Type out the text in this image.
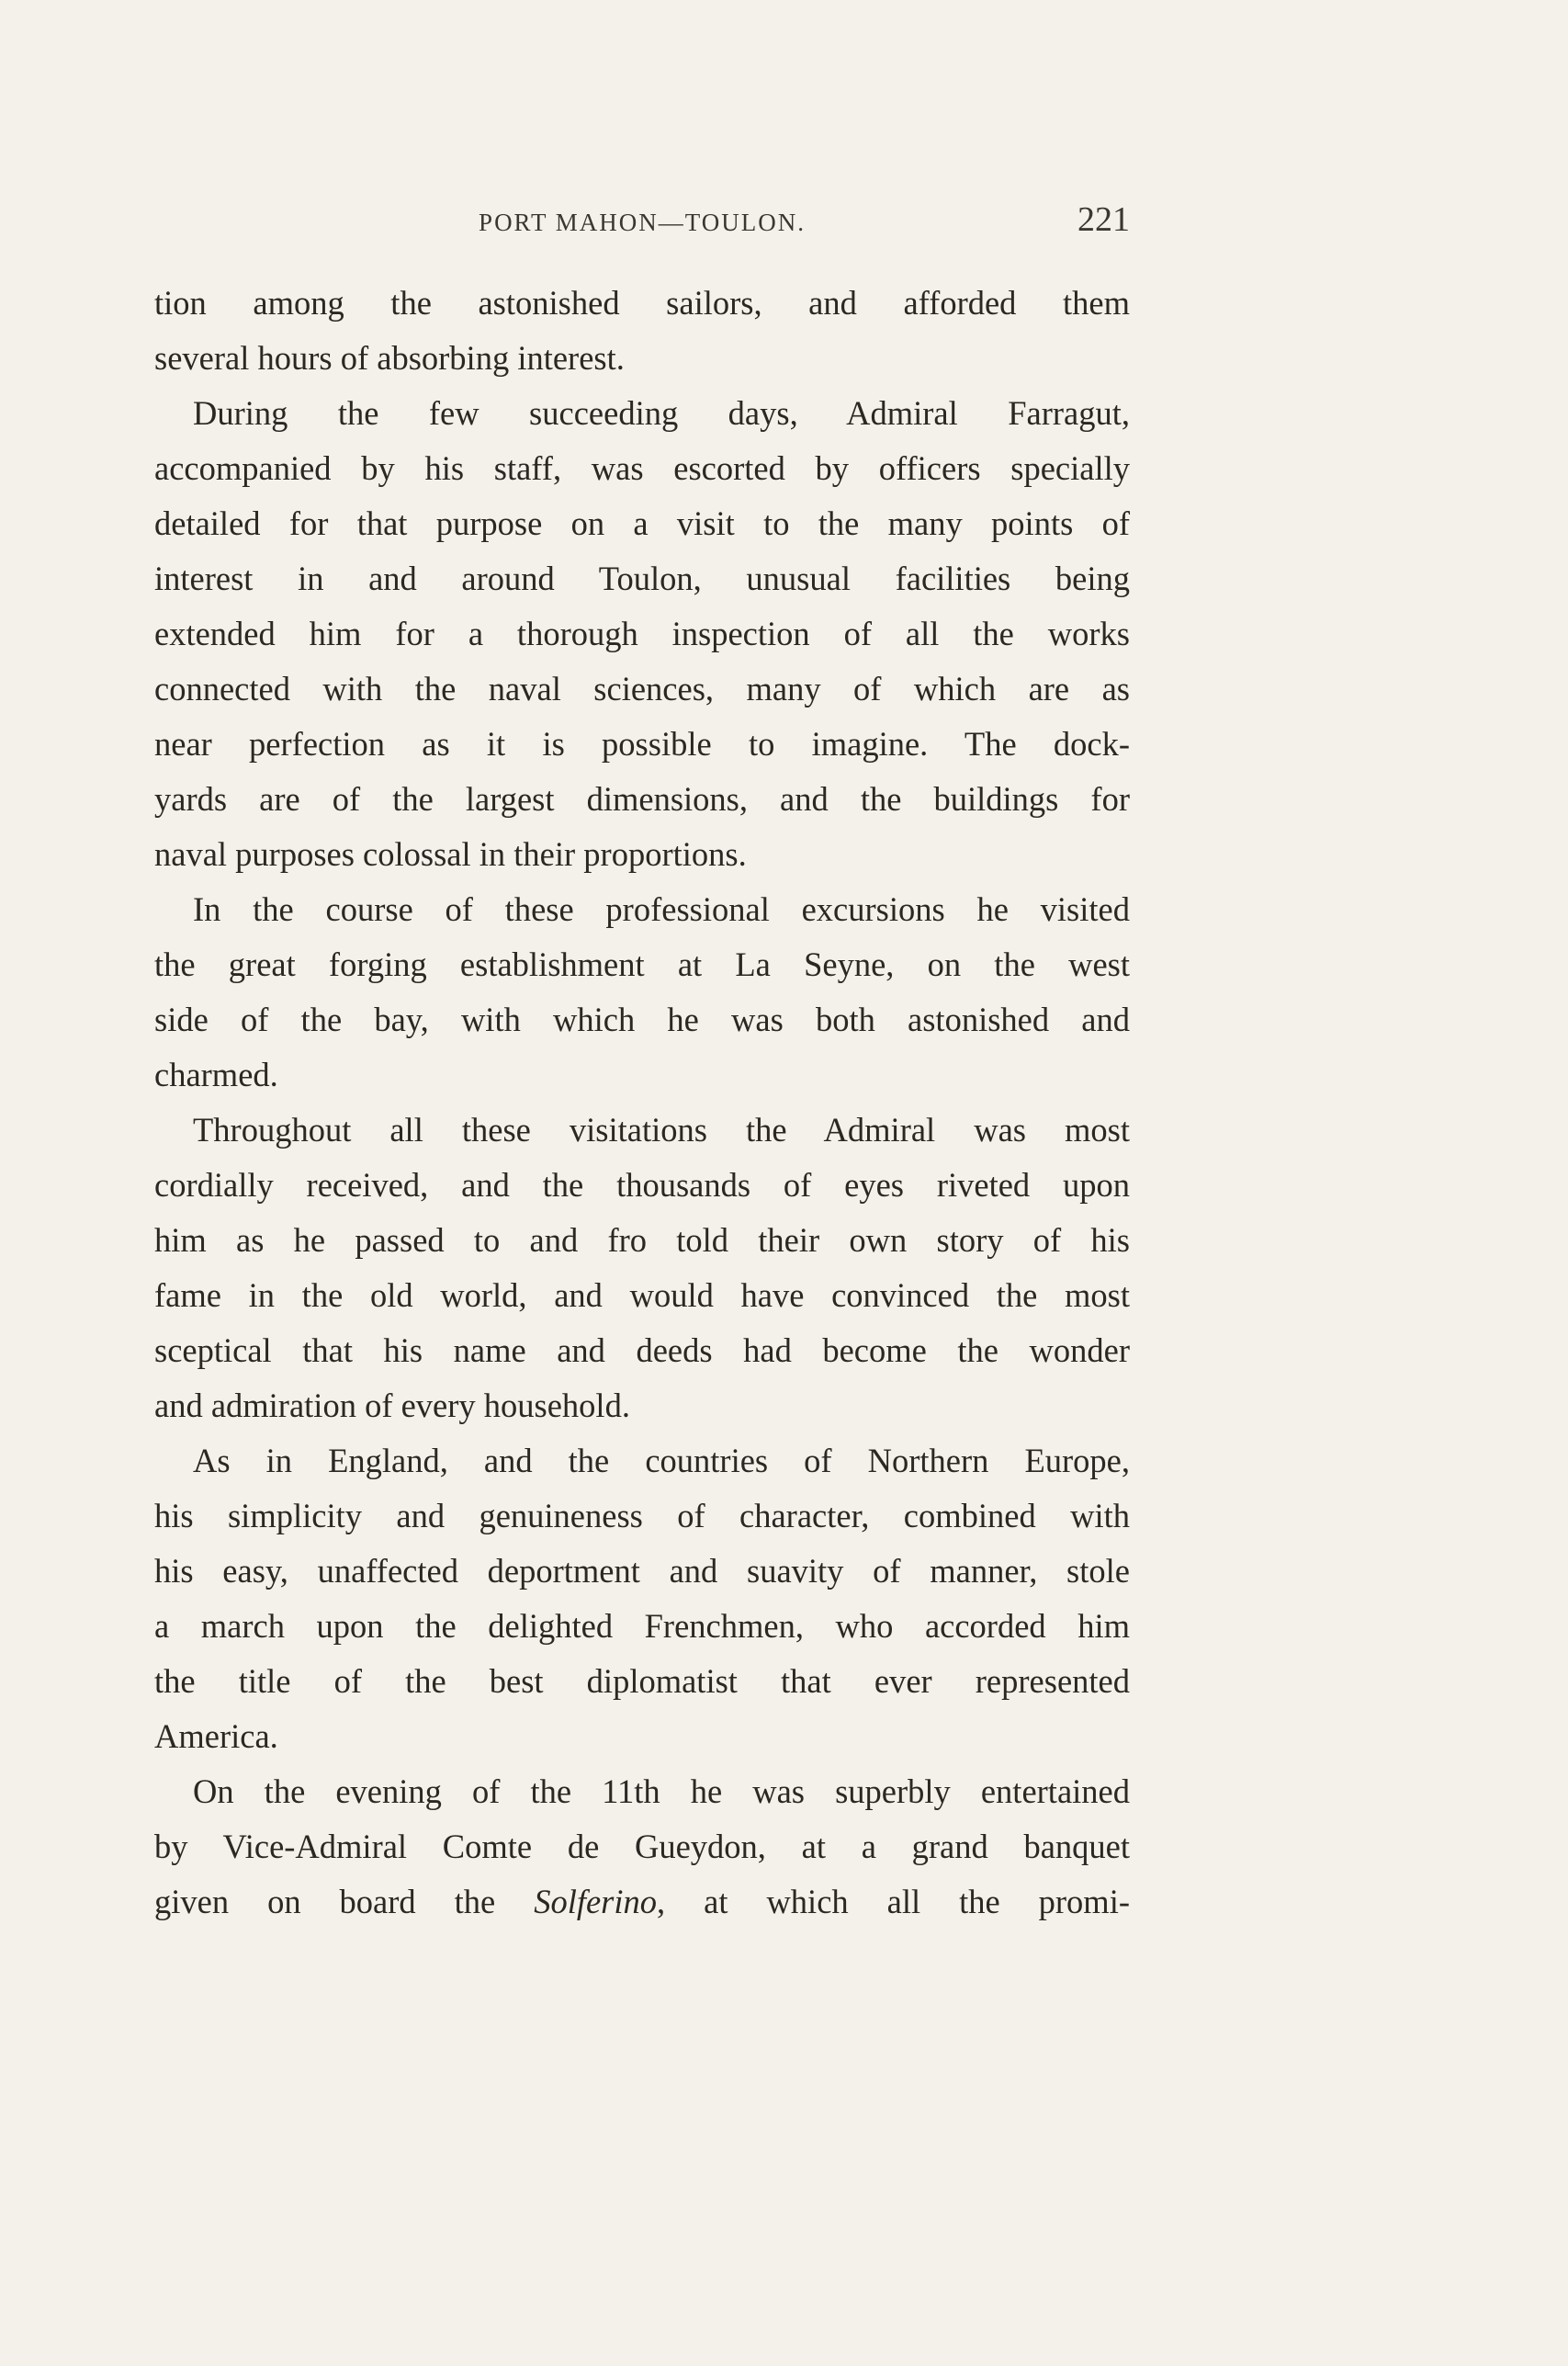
PORT MAHON—TOULON.	221
tion among the astonished sailors, and afforded them
several hours of absorbing interest.
During the few succeeding days, Admiral Farragut,
accompanied by his staff, was escorted by officers specially
detailed for that purpose on a visit to the many points of
interest in and around Toulon, unusual facilities being
extended him for a thorough inspection of all the works
connected with the naval sciences, many of which are as
near perfection as it is possible to imagine. The dock-
yards are of the largest dimensions, and the buildings for
naval purposes colossal in their proportions.
In the course of these professional excursions he visited
the great forging establishment at La Seyne, on the west
side of the bay, with which he was both astonished and
charmed.
Throughout all these visitations the Admiral was most
cordially received, and the thousands of eyes riveted upon
him as he passed to and fro told their own story of his
fame in the old world, and would have convinced the most
sceptical that his name and deeds had become the wonder
and admiration of every household.
As in England, and the countries of Northern Europe,
his simplicity and genuineness of character, combined with
his easy, unaffected deportment and suavity of manner, stole
a march upon the delighted Frenchmen, who accorded him
the title of the best diplomatist that ever represented
America.
On the evening of the 11th he was superbly entertained
by Vice-Admiral Comte de Gueydon, at a grand banquet
given on board the Solferino, at which all the promi-
